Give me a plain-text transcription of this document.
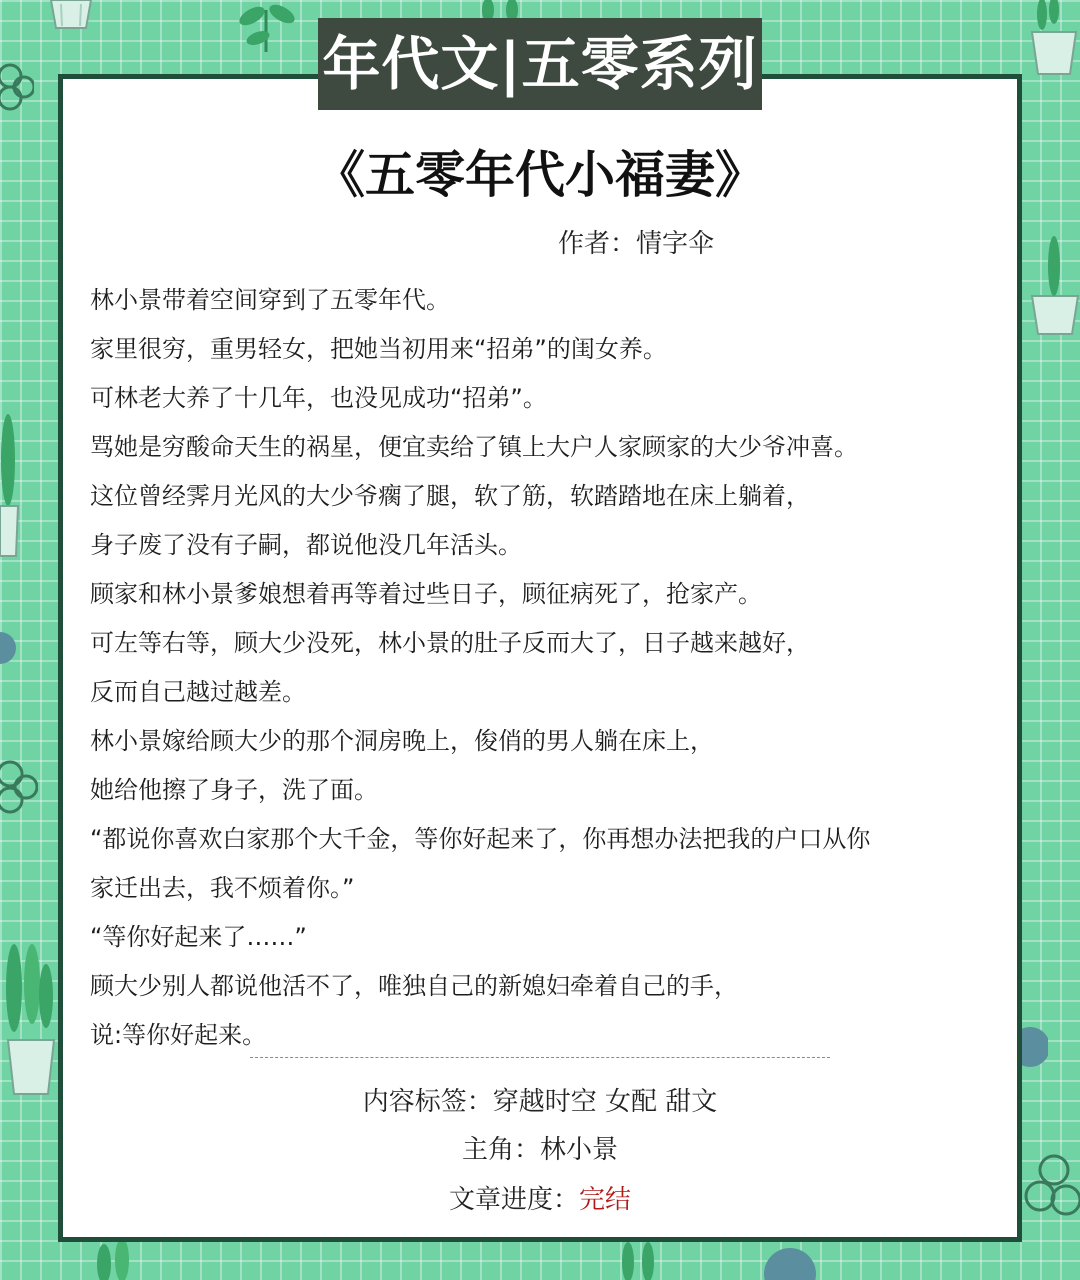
年代文|五零系列
《五零年代小福妻》
作者：情字伞
林小景带着空间穿到了五零年代。
家里很穷，重男轻女，把她当初用来“招弟”的闺女养。
可林老大养了十几年，也没见成功“招弟”。
骂她是穷酸命天生的祸星，便宜卖给了镇上大户人家顾家的大少爷冲喜。
这位曾经霁月光风的大少爷瘸了腿，软了筋，软踏踏地在床上躺着，
身子废了没有子嗣，都说他没几年活头。
顾家和林小景爹娘想着再等着过些日子，顾征病死了，抢家产。
可左等右等，顾大少没死，林小景的肚子反而大了，日子越来越好，
反而自己越过越差。
林小景嫁给顾大少的那个洞房晚上，俊俏的男人躺在床上，
她给他擦了身子，洗了面。
“都说你喜欢白家那个大千金，等你好起来了，你再想办法把我的户口从你
家迁出去，我不烦着你。”
“等你好起来了……”
顾大少别人都说他活不了，唯独自己的新媳妇牵着自己的手，
说:等你好起来。
内容标签：穿越时空 女配 甜文
主角：林小景
文章进度：完结
